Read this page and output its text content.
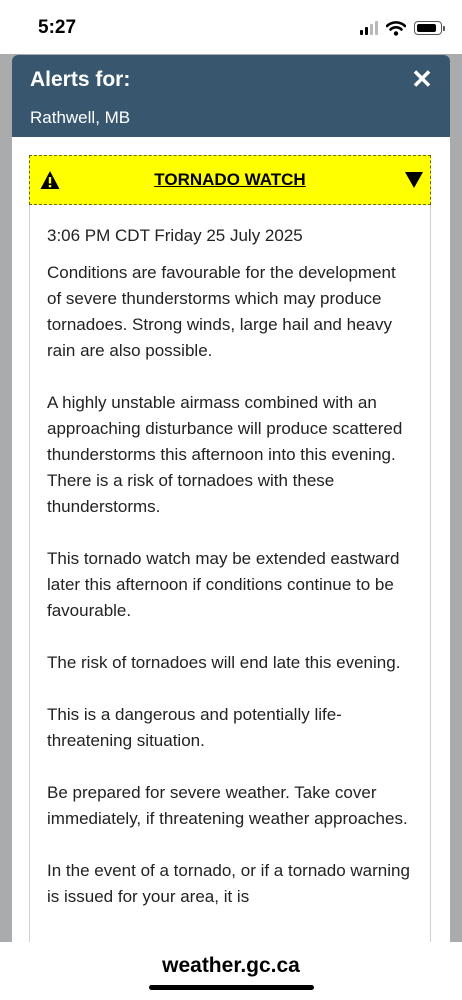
5:27
Alerts for:
Rathwell, MB
✕
TORNADO WATCH

3:06 PM CDT Friday 25 July 2025

Conditions are favourable for the development of severe thunderstorms which may produce tornadoes. Strong winds, large hail and heavy rain are also possible.

A highly unstable airmass combined with an approaching disturbance will produce scattered thunderstorms this afternoon into this evening. There is a risk of tornadoes with these thunderstorms.

This tornado watch may be extended eastward later this afternoon if conditions continue to be favourable.

The risk of tornadoes will end late this evening.

This is a dangerous and potentially life-threatening situation.

Be prepared for severe weather. Take cover immediately, if threatening weather approaches.

In the event of a tornado, or if a tornado warning is issued for your area, it is

weather.gc.ca
